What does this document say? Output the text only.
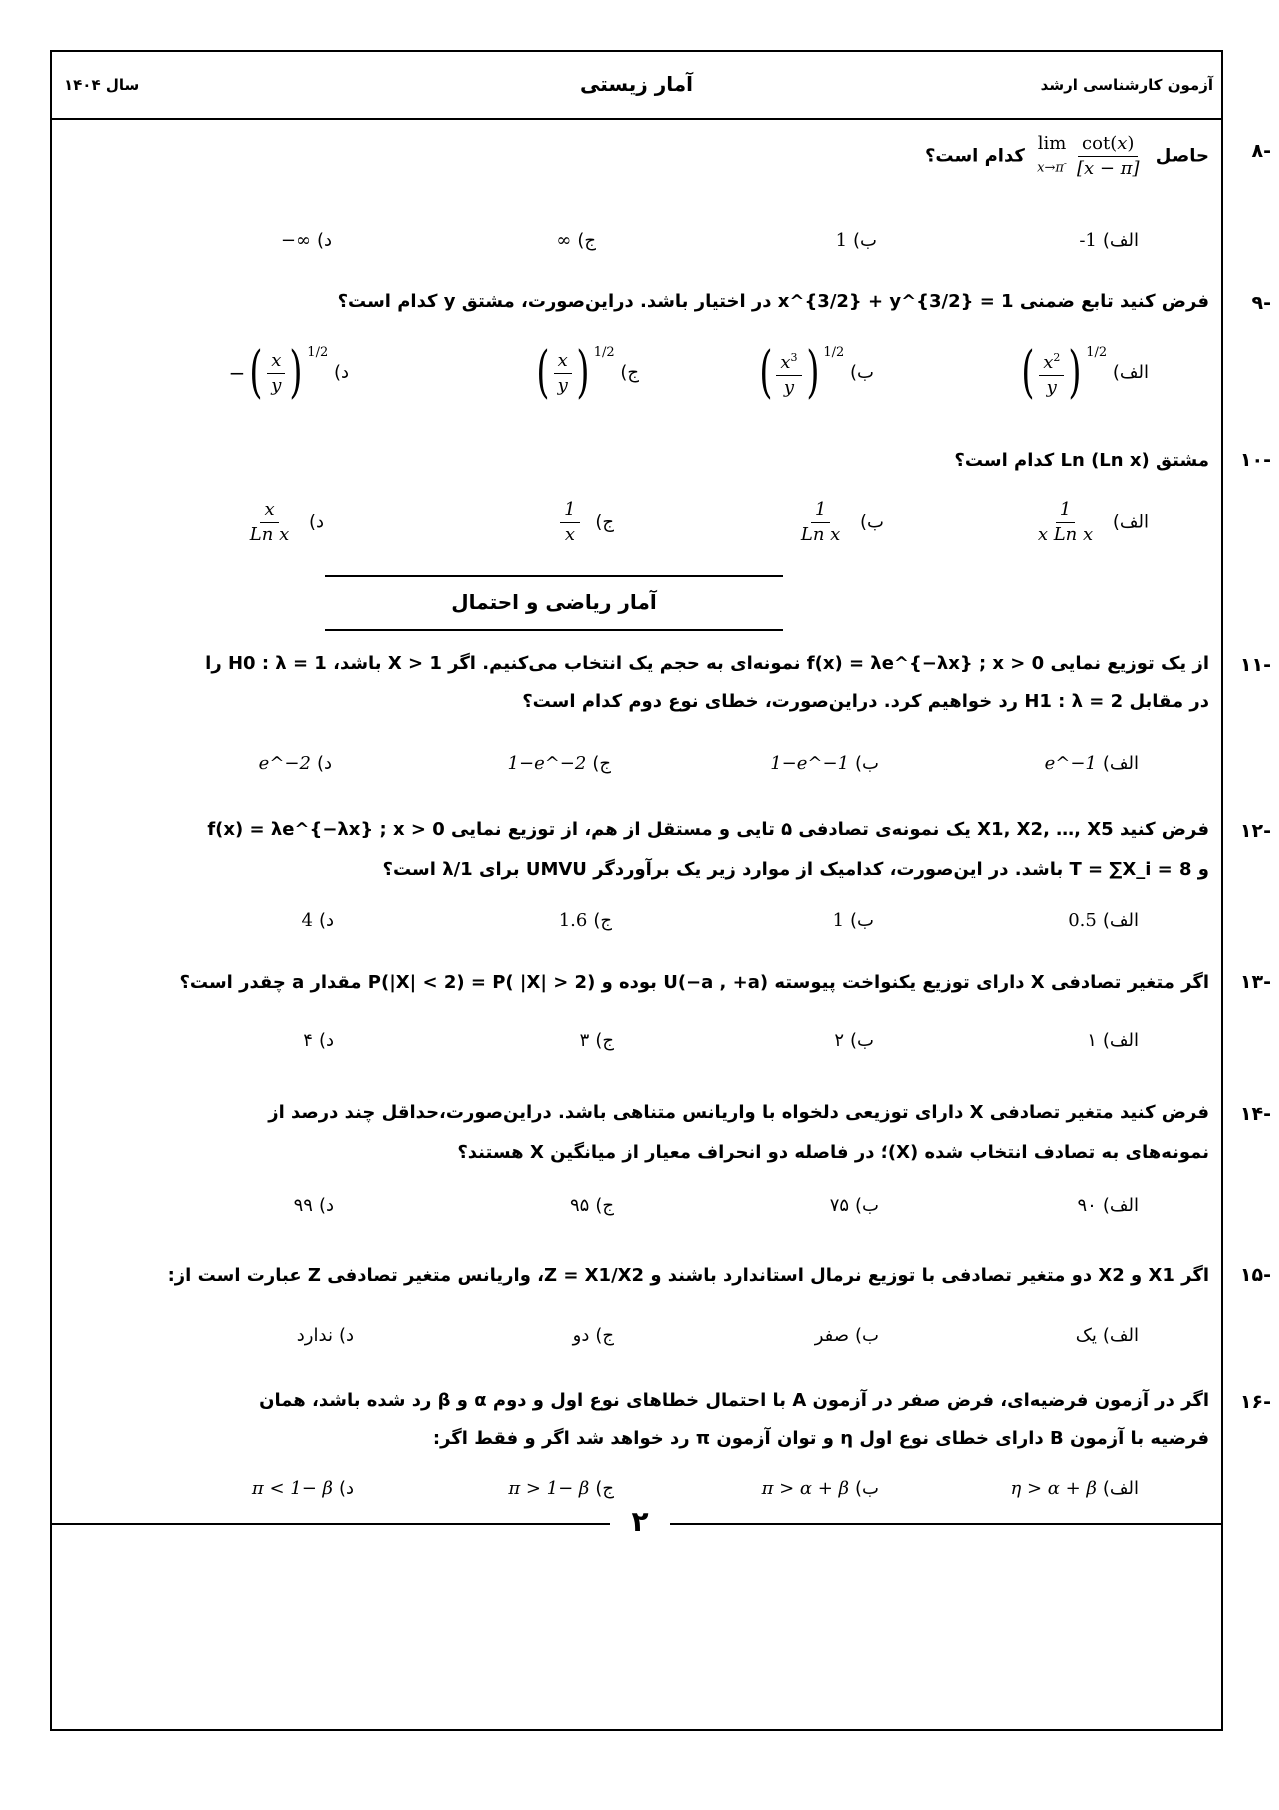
آزمون کارشناسی ارشد
آمار زیستی
سال ۱۴۰۴
-۸
حاصل
lim
$x\to\pi^- \frac{\cot(x)}{[x - \pi]}$
کدام است؟
الف)-1
ب)1
ج)∞
د)−∞
-۹
فرض کنید تابع ضمنی x^{3/2} + y^{3/2} = 1 در اختیار باشد. دراین‌صورت، مشتق y کدام است؟
الف)
( $\frac{x^2}{y}$ ) $^{1/2}$
ب)
( $\frac{x^3}{y}$ ) $^{1/2}$
ج)
( $\frac{x}{y}$ ) $^{1/2}$
د)
− ( $\frac{x}{y}$ ) $^{1/2}$
-۱۰
مشتق (Ln (Ln x کدام است؟
الف)
$\frac{1}{\text{x Ln x}}$
ب)
$\frac{1}{\text{Ln x}}$
ج)
$\frac{1}{x}$
د)
$\frac{x}{\text{Ln x}}$
آمار ریاضی و احتمال
-۱۱
از یک توزیع نمایی f(x) = λe^{−λx} ; x > 0 نمونه‌ای به حجم یک انتخاب می‌کنیم. اگر X > 1 باشد، H0 : λ = 1 را
در مقابل H1 : λ = 2 رد خواهیم کرد. دراین‌صورت، خطای نوع دوم کدام است؟
الف)e^−1
ب)1−e^−1
ج)1−e^−2
د)e^−2
-۱۲
فرض کنید X1, X2, …, X5 یک نمونه‌ی تصادفی ۵ تایی و مستقل از هم، از توزیع نمایی f(x) = λe^{−λx} ; x > 0
و T = ∑X_i = 8 باشد. در این‌صورت، کدامیک از موارد زیر یک برآوردگر UMVU برای 1/λ است؟
الف)0.5
ب)1
ج)1.6
د)4
-۱۳
اگر متغیر تصادفی X دارای توزیع یکنواخت پیوسته U(−a , +a) بوده و P(|X| < 2) = P( |X| > 2) مقدار a چقدر است؟
الف)۱
ب)۲
ج)۳
د)۴
-۱۴
فرض کنید متغیر تصادفی X دارای توزیعی دلخواه با واریانس متناهی باشد. دراین‌صورت،حداقل چند درصد از
نمونه‌های به تصادف انتخاب شده (X)؛ در فاصله دو انحراف معیار از میانگین X هستند؟
الف)۹۰
ب)۷۵
ج)۹۵
د)۹۹
-۱۵
اگر X1 و X2 دو متغیر تصادفی با توزیع نرمال استاندارد باشند و Z = X1/X2، واریانس متغیر تصادفی Z عبارت است از:
الف)یک
ب)صفر
ج)دو
د)ندارد
-۱۶
اگر در آزمون فرضیه‌ای، فرض صفر در آزمون A با احتمال خطاهای نوع اول و دوم α و β رد شده باشد، همان
فرضیه با آزمون B دارای خطای نوع اول η و توان آزمون π رد خواهد شد اگر و فقط اگر:
الف)η > α + β
ب)π > α + β
ج)π > 1− β
د)π < 1− β
۲
